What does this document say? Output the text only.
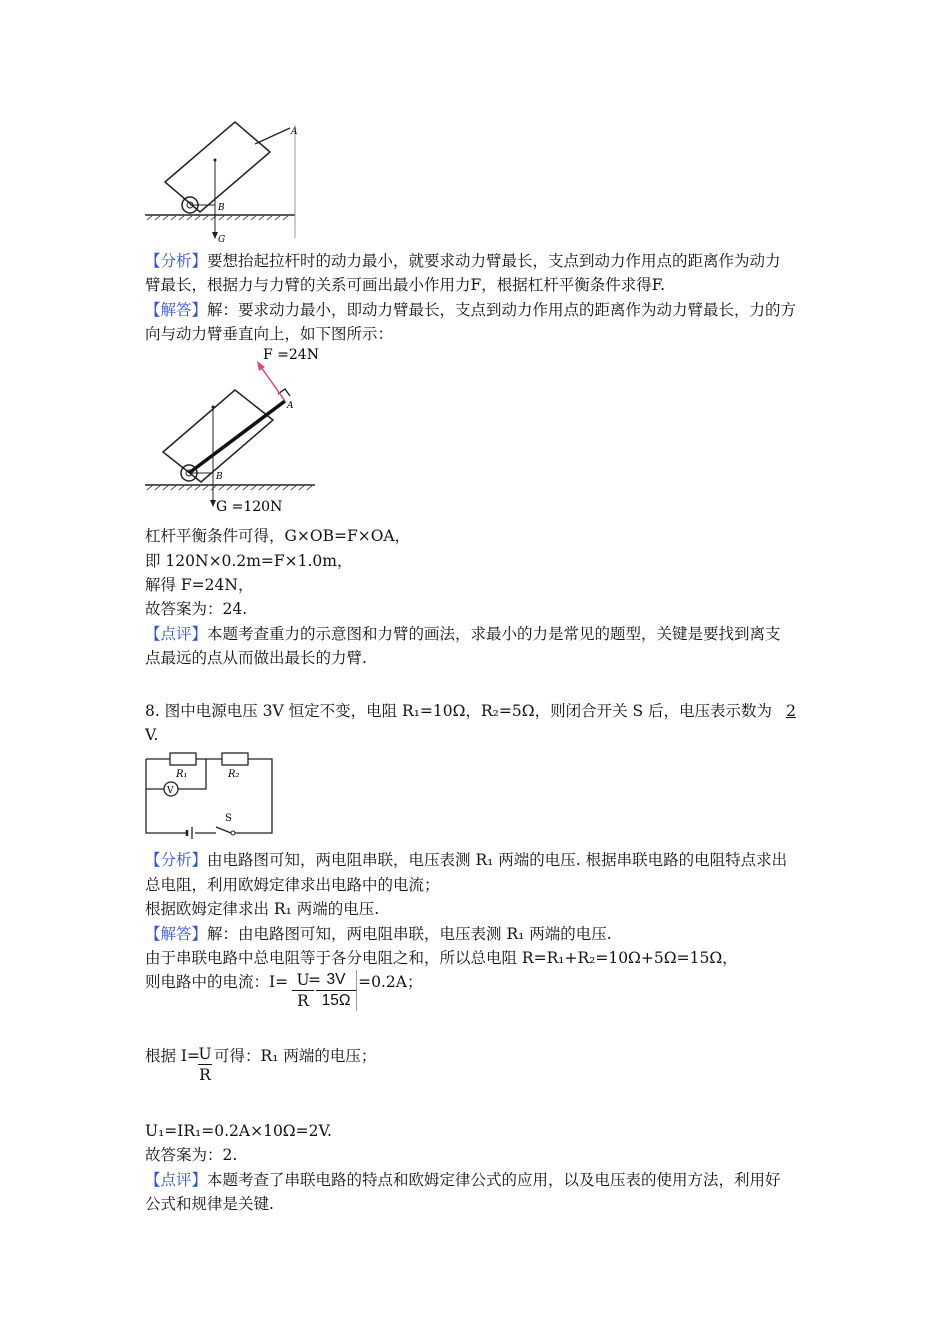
A
B
G
【分析】要想抬起拉杆时的动力最小，就要求动力臂最长，支点到动力作用点的距离作为动力
臂最长，根据力与力臂的关系可画出最小作用力F，根据杠杆平衡条件求得F.
【解答】解：要求动力最小，即动力臂最长，支点到动力作用点的距离作为动力臂最长，力的方
向与动力臂垂直向上，如下图所示：
F =24N
A
B
G =120N
杠杆平衡条件可得，G×OB=F×OA，
即 120N×0.2m=F×1.0m，
解得 F=24N，
故答案为：24.
【点评】本题考查重力的示意图和力臂的画法，求最小的力是常见的题型，关键是要找到离支
点最远的点从而做出最长的力臂.
8. 图中电源电压 3V 恒定不变，电阻 R₁=10Ω，R₂=5Ω，则闭合开关 S 后，电压表示数为 2
V.
V
R₁	R₂
S
【分析】由电路图可知，两电阻串联，电压表测 R₁ 两端的电压. 根据串联电路的电阻特点求出
总电阻，利用欧姆定律求出电路中的电流；
根据欧姆定律求出 R₁ 两端的电压.
【解答】解：由电路图可知，两电阻串联，电压表测 R₁ 两端的电压.
由于串联电路中总电阻等于各分电阻之和，所以总电阻 R=R₁+R₂=10Ω+5Ω=15Ω，
则电路中的电流：I=	=0.2A；
$\frac{U}{R}$
=
$\frac{3V}{15\Omega}$
根据 I= 可得：R₁ 两端的电压；
$\frac{U}{R}$
U₁=IR₁=0.2A×10Ω=2V.
故答案为：2.
【点评】本题考查了串联电路的特点和欧姆定律公式的应用，以及电压表的使用方法，利用好
公式和规律是关键.
